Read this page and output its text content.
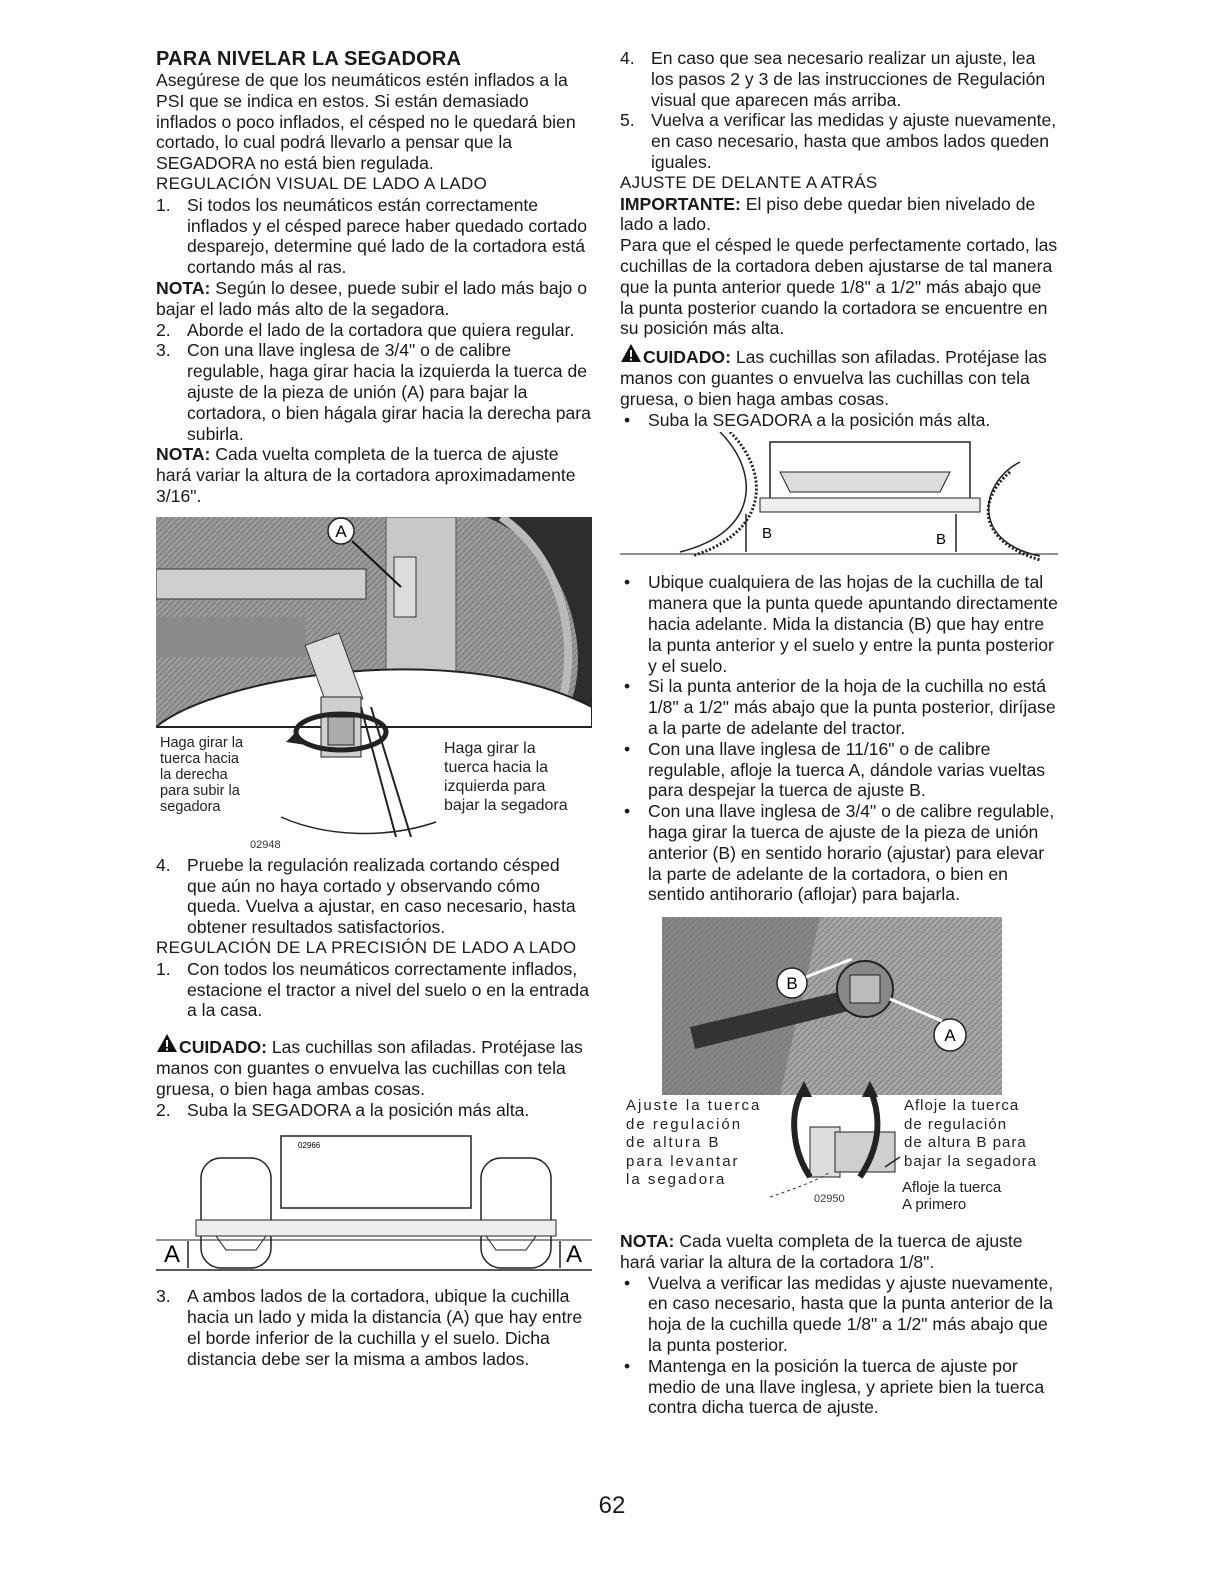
PARA NIVELAR LA SEGADORA

Asegúrese de que los neumáticos estén inflados a la PSI que se indica en estos. Si están demasiado inflados o poco inflados, el césped no le quedará bien cortado, lo cual podrá llevarlo a pensar que la SEGADORA no está bien regulada.

REGULACIÓN VISUAL DE LADO A LADO

1. Si todos los neumáticos están correctamente inflados y el césped parece haber quedado cortado desparejo, determine qué lado de la cortadora está cortando más al ras.

NOTA: Según lo desee, puede subir el lado más bajo o bajar el lado más alto de la segadora.

2. Aborde el lado de la cortadora que quiera regular.
3. Con una llave inglesa de 3/4" o de calibre regulable, haga girar hacia la izquierda la tuerca de ajuste de la pieza de unión (A) para bajar la cortadora, o bien hágala girar hacia la derecha para subirla.

NOTA: Cada vuelta completa de la tuerca de ajuste hará variar la altura de la cortadora aproximadamente 3/16".

A
Haga girar la
tuerca hacia
la derecha
para subir la
segadora
Haga girar la
tuerca hacia la
izquierda para
bajar la segadora
02948
4. Pruebe la regulación realizada cortando césped que aún no haya cortado y observando cómo queda. Vuelva a ajustar, en caso necesario, hasta obtener resultados satisfactorios.

REGULACIÓN DE LA PRECISIÓN DE LADO A LADO

1. Con todos los neumáticos correctamente inflados, estacione el tractor a nivel del suelo o en la entrada a la casa.

CUIDADO: Las cuchillas son afiladas. Protéjase las manos con guantes o envuelva las cuchillas con tela gruesa, o bien haga ambas cosas.

2. Suba la SEGADORA a la posición más alta.
A	A
02966
3. A ambos lados de la cortadora, ubique la cuchilla hacia un lado y mida la distancia (A) que hay entre el borde inferior de la cuchilla y el suelo. Dicha distancia debe ser la misma a ambos lados.
4. En caso que sea necesario realizar un ajuste, lea los pasos 2 y 3 de las instrucciones de Regulación visual que aparecen más arriba.
5. Vuelva a verificar las medidas y ajuste nuevamente, en caso necesario, hasta que ambos lados queden iguales.

AJUSTE DE DELANTE A ATRÁS

IMPORTANTE: El piso debe quedar bien nivelado de lado a lado.

Para que el césped le quede perfectamente cortado, las cuchillas de la cortadora deben ajustarse de tal manera que la punta anterior quede 1/8" a 1/2" más abajo que la punta posterior cuando la cortadora se encuentre en su posición más alta.

CUIDADO: Las cuchillas son afiladas. Protéjase las manos con guantes o envuelva las cuchillas con tela gruesa, o bien haga ambas cosas.

•	Suba la SEGADORA a la posición más alta.
B	B
•	Ubique cualquiera de las hojas de la cuchilla de tal manera que la punta quede apuntando directamente hacia adelante. Mida la distancia (B) que hay entre la punta anterior y el suelo y entre la punta posterior y el suelo.
•	Si la punta anterior de la hoja de la cuchilla no está 1/8" a 1/2" más abajo que la punta posterior, diríjase a la parte de adelante del tractor.
•	Con una llave inglesa de 11/16" o de calibre regulable, afloje la tuerca A, dándole varias vueltas para despejar la tuerca de ajuste B.
•	Con una llave inglesa de 3/4" o de calibre regulable, haga girar la tuerca de ajuste de la pieza de unión anterior (B) en sentido horario (ajustar) para elevar la parte de adelante de la cortadora, o bien en sentido antihorario (aflojar) para bajarla.
B
A
Ajuste la tuerca
de regulación
de altura B
para levantar
la segadora
Afloje la tuerca
de regulación
de altura B para
bajar la segadora
Afloje la tuerca
A primero
02950

NOTA: Cada vuelta completa de la tuerca de ajuste hará variar la altura de la cortadora 1/8".

•	Vuelva a verificar las medidas y ajuste nuevamente, en caso necesario, hasta que la punta anterior de la hoja de la cuchilla quede 1/8" a 1/2" más abajo que la punta posterior.
•	Mantenga en la posición la tuerca de ajuste por medio de una llave inglesa, y apriete bien la tuerca contra dicha tuerca de ajuste.
62
